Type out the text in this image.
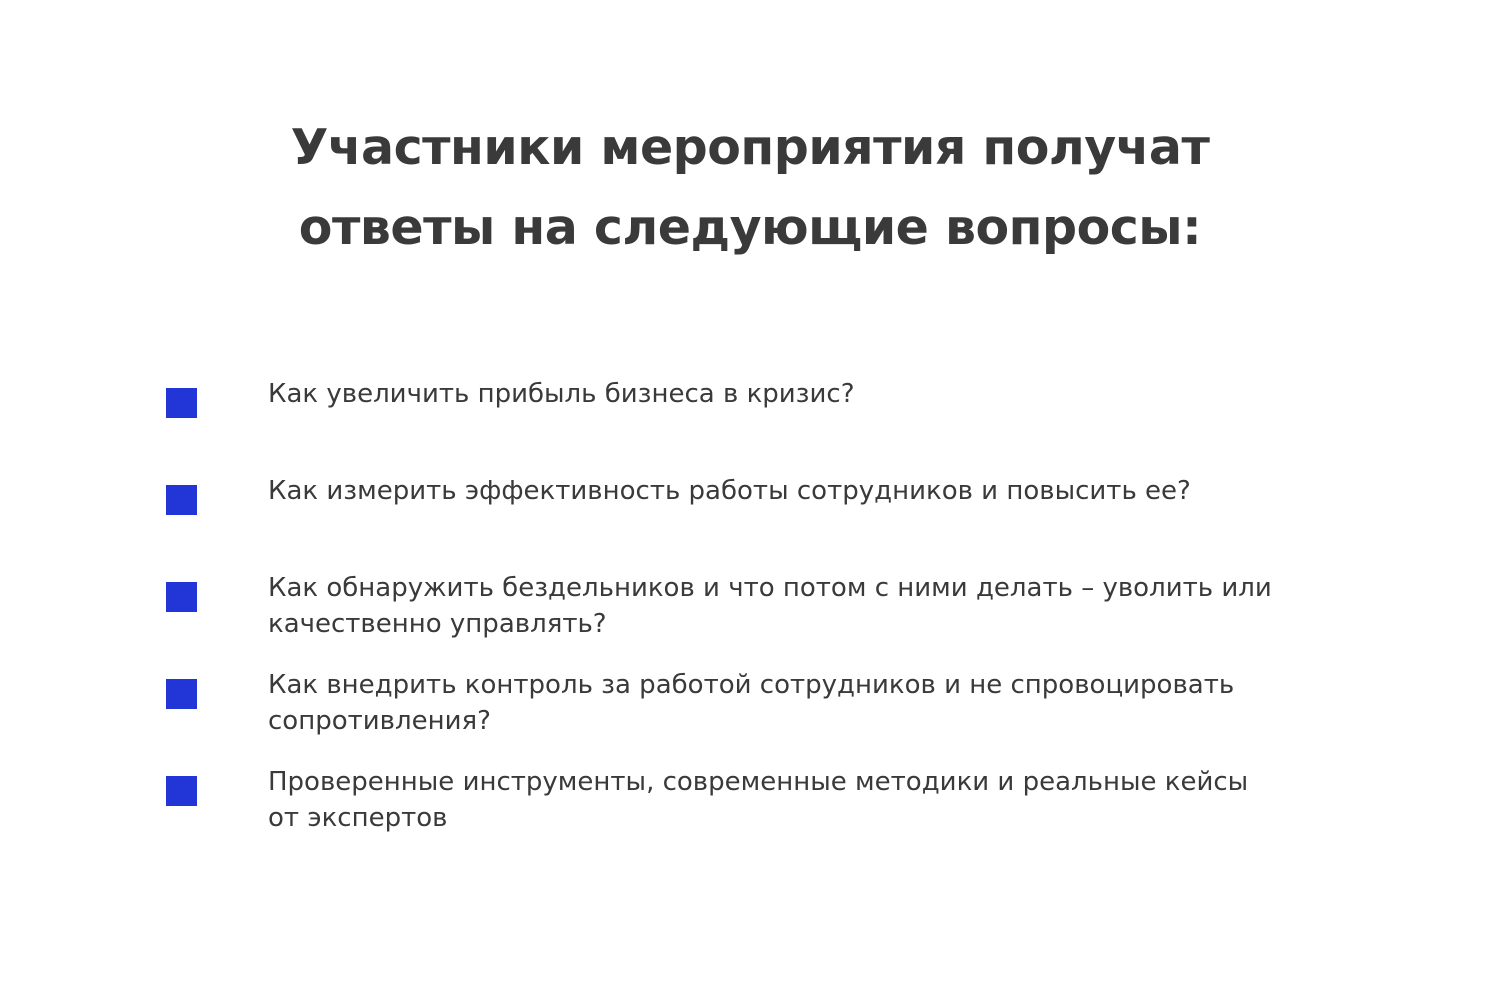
Участники мероприятия получат
ответы на следующие вопросы:
Как увеличить прибыль бизнеса в кризис?
Как измерить эффективность работы сотрудников и повысить ее?
Как обнаружить бездельников и что потом с ними делать – уволить или
качественно управлять?
Как внедрить контроль за работой сотрудников и не спровоцировать
сопротивления?
Проверенные инструменты, современные методики и реальные кейсы
от экспертов
